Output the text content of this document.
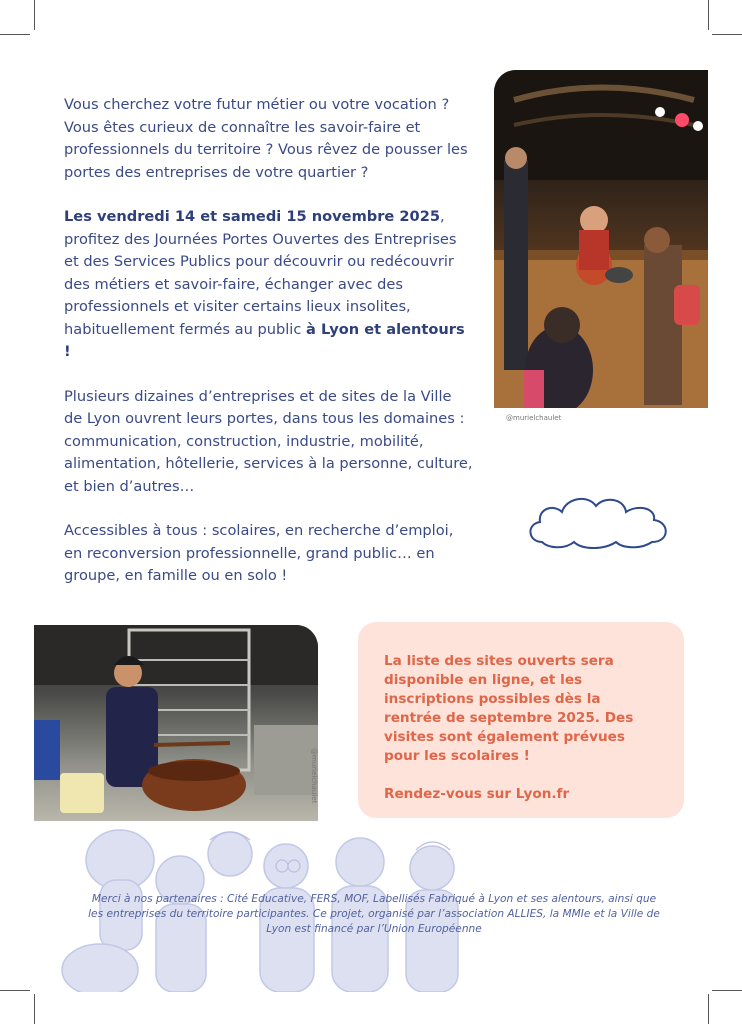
Vous cherchez votre futur métier ou votre vocation ? Vous êtes curieux de connaître les savoir-faire et professionnels du territoire ? Vous rêvez de pousser les portes des entreprises de votre quartier ?

Les vendredi 14 et samedi 15 novembre 2025, profitez des Journées Portes Ouvertes des Entreprises et des Services Publics pour découvrir ou redécouvrir des métiers et savoir-faire, échanger avec des professionnels et visiter certains lieux insolites, habituellement fermés au public à Lyon et alentours !

Plusieurs dizaines d’entreprises et de sites de la Ville de Lyon ouvrent leurs portes, dans tous les domaines : communication, construction, industrie, mobilité, alimentation, hôtellerie, services à la personne, culture, et bien d’autres…

Accessibles à tous : scolaires, en recherche d’emploi, en reconversion professionnelle, grand public… en groupe, en famille ou en solo !

@murielchaulet
@murielchaulet

La liste des sites ouverts sera disponible en ligne, et les inscriptions possibles dès la rentrée de septembre 2025. Des visites sont également prévues pour les scolaires !

Rendez-vous sur Lyon.fr

Merci à nos partenaires : Cité Educative, FERS, MOF, Labellisés Fabriqué à Lyon et ses alentours, ainsi que les entreprises du territoire participantes. Ce projet, organisé par l’association ALLIES, la MMIe et la Ville de Lyon est financé par l’Union Européenne
